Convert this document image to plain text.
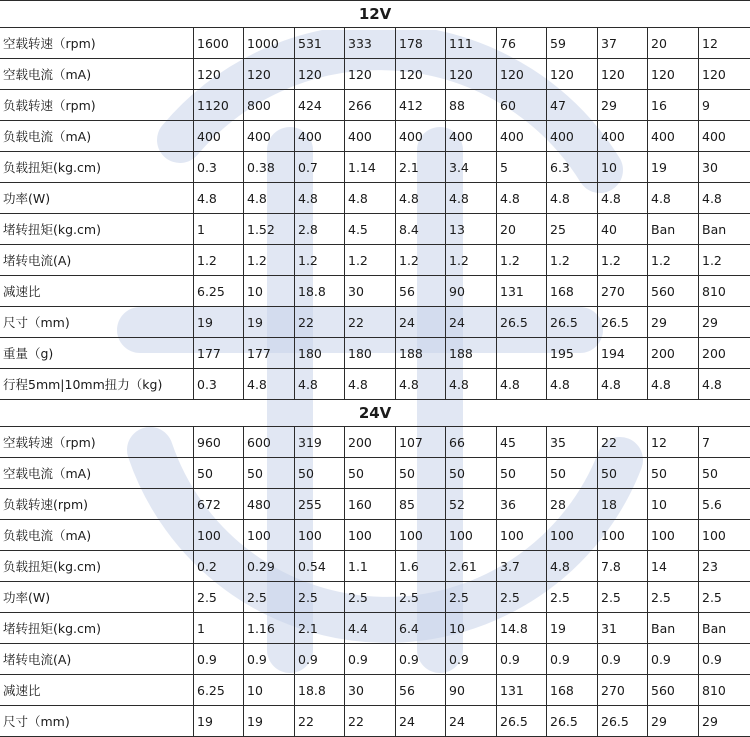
12V											
空载转速（rpm)	1600	1000	531	333	178	111	76	59	37	20	12
空载电流（mA)	120	120	120	120	120	120	120	120	120	120	120
负载转速（rpm)	1120	800	424	266	412	88	60	47	29	16	9
负载电流（mA)	400	400	400	400	400	400	400	400	400	400	400
负载扭矩(kg.cm)	0.3	0.38	0.7	1.14	2.1	3.4	5	6.3	10	19	30
功率(W)	4.8	4.8	4.8	4.8	4.8	4.8	4.8	4.8	4.8	4.8	4.8
堵转扭矩(kg.cm)	1	1.52	2.8	4.5	8.4	13	20	25	40	Ban	Ban
堵转电流(A)	1.2	1.2	1.2	1.2	1.2	1.2	1.2	1.2	1.2	1.2	1.2
减速比	6.25	10	18.8	30	56	90	131	168	270	560	810
尺寸（mm)	19	19	22	22	24	24	26.5	26.5	26.5	29	29
重量（g)	177	177	180	180	188	188		195	194	200	200
行程5mm|10mm扭力（kg)	0.3	4.8	4.8	4.8	4.8	4.8	4.8	4.8	4.8	4.8	4.8
24V											
空载转速（rpm)	960	600	319	200	107	66	45	35	22	12	7
空载电流（mA)	50	50	50	50	50	50	50	50	50	50	50
负载转速(rpm)	672	480	255	160	85	52	36	28	18	10	5.6
负载电流（mA)	100	100	100	100	100	100	100	100	100	100	100
负载扭矩(kg.cm)	0.2	0.29	0.54	1.1	1.6	2.61	3.7	4.8	7.8	14	23
功率(W)	2.5	2.5	2.5	2.5	2.5	2.5	2.5	2.5	2.5	2.5	2.5
堵转扭矩(kg.cm)	1	1.16	2.1	4.4	6.4	10	14.8	19	31	Ban	Ban
堵转电流(A)	0.9	0.9	0.9	0.9	0.9	0.9	0.9	0.9	0.9	0.9	0.9
减速比	6.25	10	18.8	30	56	90	131	168	270	560	810
尺寸（mm)	19	19	22	22	24	24	26.5	26.5	26.5	29	29
